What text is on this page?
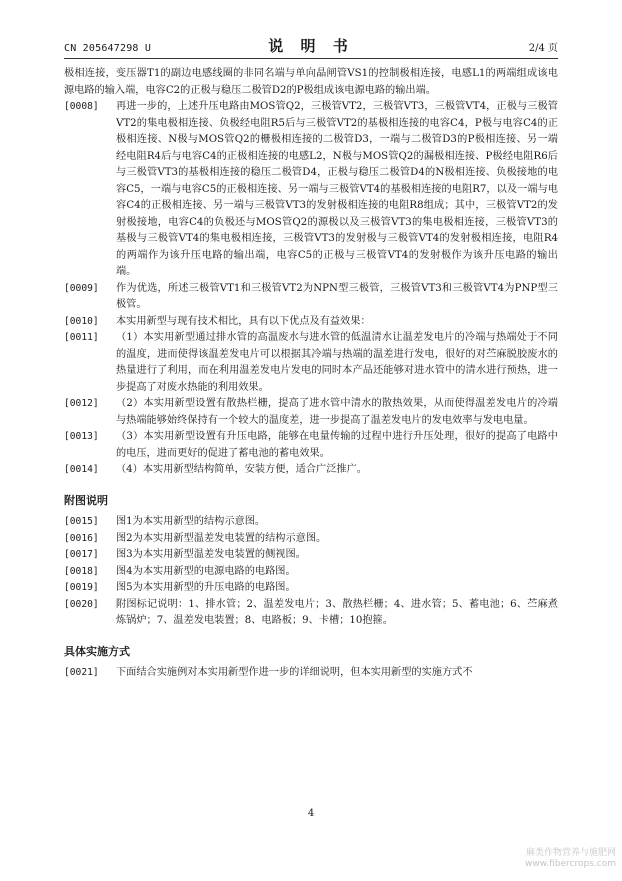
CN 205647298 U	说 明 书	2/4 页
极相连接，变压器T1的副边电感线圈的非同名端与单向晶闸管VS1的控制极相连接，电感L1的两端组成该电源电路的输入端，电容C2的正极与稳压二极管D2的P极组成该电源电路的输出端。
[0008] 再进一步的，上述升压电路由MOS管Q2，三极管VT2，三极管VT3，三极管VT4，正极与三极管VT2的集电极相连接、负极经电阻R5后与三极管VT2的基极相连接的电容C4，P极与电容C4的正极相连接、N极与MOS管Q2的栅极相连接的二极管D3，一端与二极管D3的P极相连接、另一端经电阻R4后与电容C4的正极相连接的电感L2，N极与MOS管Q2的漏极相连接、P极经电阻R6后与三极管VT3的基极相连接的稳压二极管D4，正极与稳压二极管D4的N极相连接、负极接地的电容C5，一端与电容C5的正极相连接、另一端与三极管VT4的基极相连接的电阻R7，以及一端与电容C4的正极相连接、另一端与三极管VT3的发射极相连接的电阻R8组成；其中，三极管VT2的发射极接地，电容C4的负极还与MOS管Q2的源极以及三极管VT3的集电极相连接，三极管VT3的基极与三极管VT4的集电极相连接，三极管VT3的发射极与三极管VT4的发射极相连接，电阻R4的两端作为该升压电路的输出端，电容C5的正极与三极管VT4的发射极作为该升压电路的输出端。
[0009] 作为优选，所述三极管VT1和三极管VT2为NPN型三极管，三极管VT3和三极管VT4为PNP型三极管。
[0010] 本实用新型与现有技术相比，具有以下优点及有益效果：
[0011] （1）本实用新型通过排水管的高温废水与进水管的低温清水让温差发电片的冷端与热端处于不同的温度，进而使得该温差发电片可以根据其冷端与热端的温差进行发电，很好的对苎麻脱胶废水的热量进行了利用，而在利用温差发电片发电的同时本产品还能够对进水管中的清水进行预热，进一步提高了对废水热能的利用效果。
[0012] （2）本实用新型设置有散热栏栅，提高了进水管中清水的散热效果，从而使得温差发电片的冷端与热端能够始终保持有一个较大的温度差，进一步提高了温差发电片的发电效率与发电电量。
[0013] （3）本实用新型设置有升压电路，能够在电量传输的过程中进行升压处理，很好的提高了电路中的电压，进而更好的促进了蓄电池的蓄电效果。
[0014] （4）本实用新型结构简单，安装方便，适合广泛推广。
附图说明
[0015] 图1为本实用新型的结构示意图。
[0016] 图2为本实用新型温差发电装置的结构示意图。
[0017] 图3为本实用新型温差发电装置的侧视图。
[0018] 图4为本实用新型的电源电路的电路图。
[0019] 图5为本实用新型的升压电路的电路图。
[0020] 附图标记说明：1、排水管；2、温差发电片；3、散热栏栅；4、进水管；5、蓄电池；6、苎麻煮炼锅炉；7、温差发电装置；8、电路板；9、卡槽；10抱箍。
具体实施方式
[0021] 下面结合实施例对本实用新型作进一步的详细说明，但本实用新型的实施方式不
4
麻类作物营养与施肥网
www.fibercrops.com
